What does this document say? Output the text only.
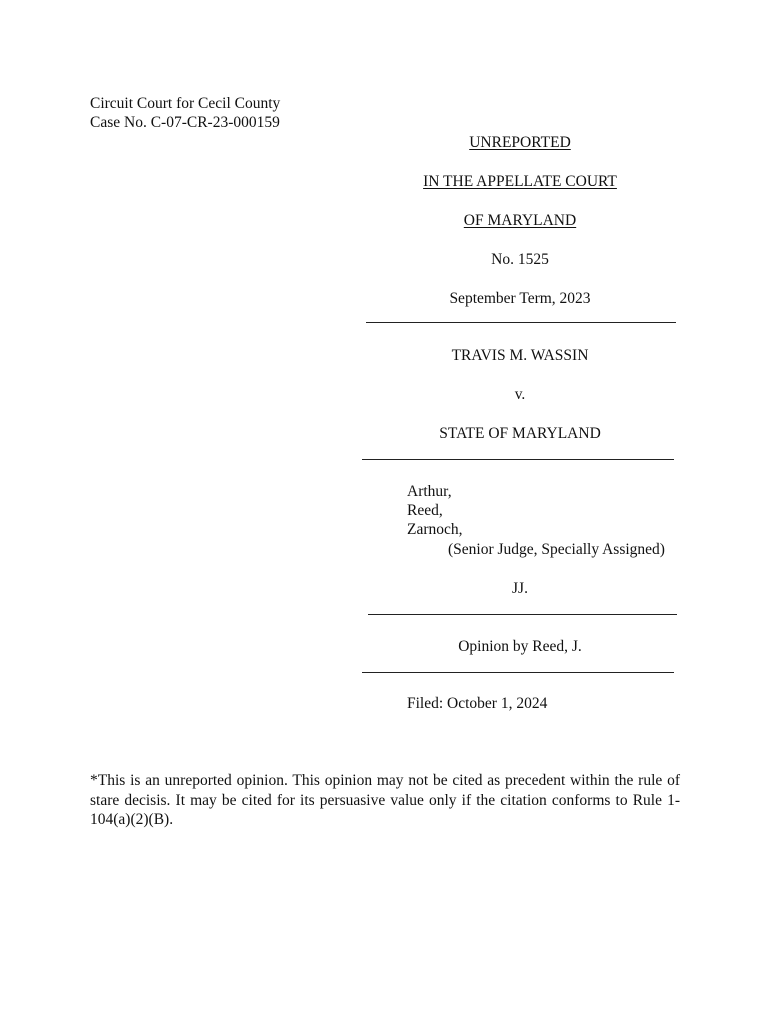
Circuit Court for Cecil County
Case No. C-07-CR-23-000159
UNREPORTED
IN THE APPELLATE COURT
OF MARYLAND
No. 1525
September Term, 2023
TRAVIS M. WASSIN
v.
STATE OF MARYLAND
Arthur,
Reed,
Zarnoch,
(Senior Judge, Specially Assigned)
JJ.
Opinion by Reed, J.
Filed: October 1, 2024
*This is an unreported opinion. This opinion may not be cited as precedent within the rule of stare decisis. It may be cited for its persuasive value only if the citation conforms to Rule 1-104(a)(2)(B).
